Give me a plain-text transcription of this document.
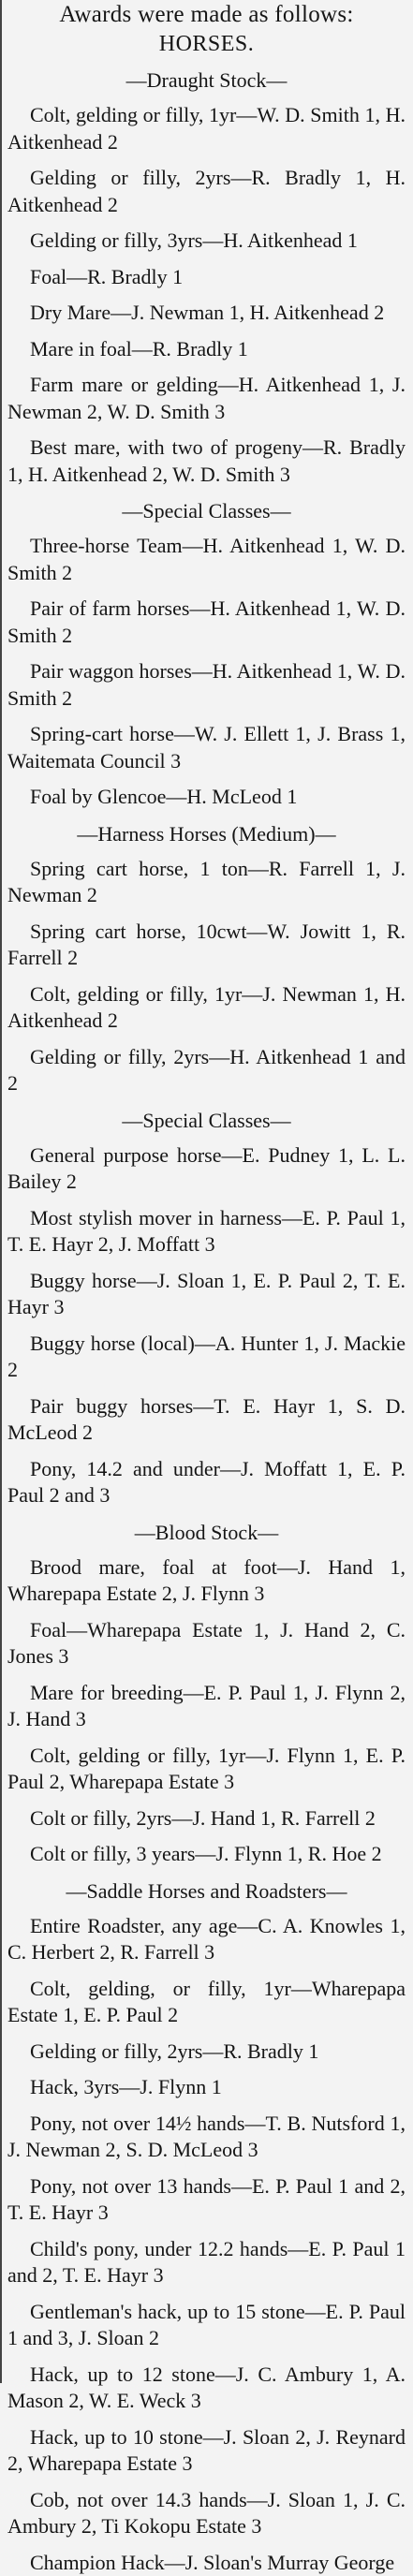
Awards were made as follows:
HORSES.
—Draught Stock—
Colt, gelding or filly, 1yr—W. D. Smith 1, H. Aitkenhead 2
Gelding or filly, 2yrs—R. Bradly 1, H. Aitkenhead 2
Gelding or filly, 3yrs—H. Aitkenhead 1
Foal—R. Bradly 1
Dry Mare—J. Newman 1, H. Aitkenhead 2
Mare in foal—R. Bradly 1
Farm mare or gelding—H. Aitkenhead 1, J. Newman 2, W. D. Smith 3
Best mare, with two of progeny—R. Bradly 1, H. Aitkenhead 2, W. D. Smith 3
—Special Classes—
Three-horse Team—H. Aitkenhead 1, W. D. Smith 2
Pair of farm horses—H. Aitkenhead 1, W. D. Smith 2
Pair waggon horses—H. Aitkenhead 1, W. D. Smith 2
Spring-cart horse—W. J. Ellett 1, J. Brass 1, Waitemata Council 3
Foal by Glencoe—H. McLeod 1
—Harness Horses (Medium)—
Spring cart horse, 1 ton—R. Farrell 1, J. Newman 2
Spring cart horse, 10cwt—W. Jowitt 1, R. Farrell 2
Colt, gelding or filly, 1yr—J. Newman 1, H. Aitkenhead 2
Gelding or filly, 2yrs—H. Aitkenhead 1 and 2
—Special Classes—
General purpose horse—E. Pudney 1, L. L. Bailey 2
Most stylish mover in harness—E. P. Paul 1, T. E. Hayr 2, J. Moffatt 3
Buggy horse—J. Sloan 1, E. P. Paul 2, T. E. Hayr 3
Buggy horse (local)—A. Hunter 1, J. Mackie 2
Pair buggy horses—T. E. Hayr 1, S. D. McLeod 2
Pony, 14.2 and under—J. Moffatt 1, E. P. Paul 2 and 3
—Blood Stock—
Brood mare, foal at foot—J. Hand 1, Wharepapa Estate 2, J. Flynn 3
Foal—Wharepapa Estate 1, J. Hand 2, C. Jones 3
Mare for breeding—E. P. Paul 1, J. Flynn 2, J. Hand 3
Colt, gelding or filly, 1yr—J. Flynn 1, E. P. Paul 2, Wharepapa Estate 3
Colt or filly, 2yrs—J. Hand 1, R. Farrell 2
Colt or filly, 3 years—J. Flynn 1, R. Hoe 2
—Saddle Horses and Roadsters—
Entire Roadster, any age—C. A. Knowles 1, C. Herbert 2, R. Farrell 3
Colt, gelding, or filly, 1yr—Wharepapa Estate 1, E. P. Paul 2
Gelding or filly, 2yrs—R. Bradly 1
Hack, 3yrs—J. Flynn 1
Pony, not over 14½ hands—T. B. Nutsford 1, J. Newman 2, S. D. McLeod 3
Pony, not over 13 hands—E. P. Paul 1 and 2, T. E. Hayr 3
Child's pony, under 12.2 hands—E. P. Paul 1 and 2, T. E. Hayr 3
Gentleman's hack, up to 15 stone—E. P. Paul 1 and 3, J. Sloan 2
Hack, up to 12 stone—J. C. Ambury 1, A. Mason 2, W. E. Weck 3
Hack, up to 10 stone—J. Sloan 2, J. Reynard 2, Wharepapa Estate 3
Cob, not over 14.3 hands—J. Sloan 1, J. C. Ambury 2, Ti Kokopu Estate 3
Champion Hack—J. Sloan's Murray George
